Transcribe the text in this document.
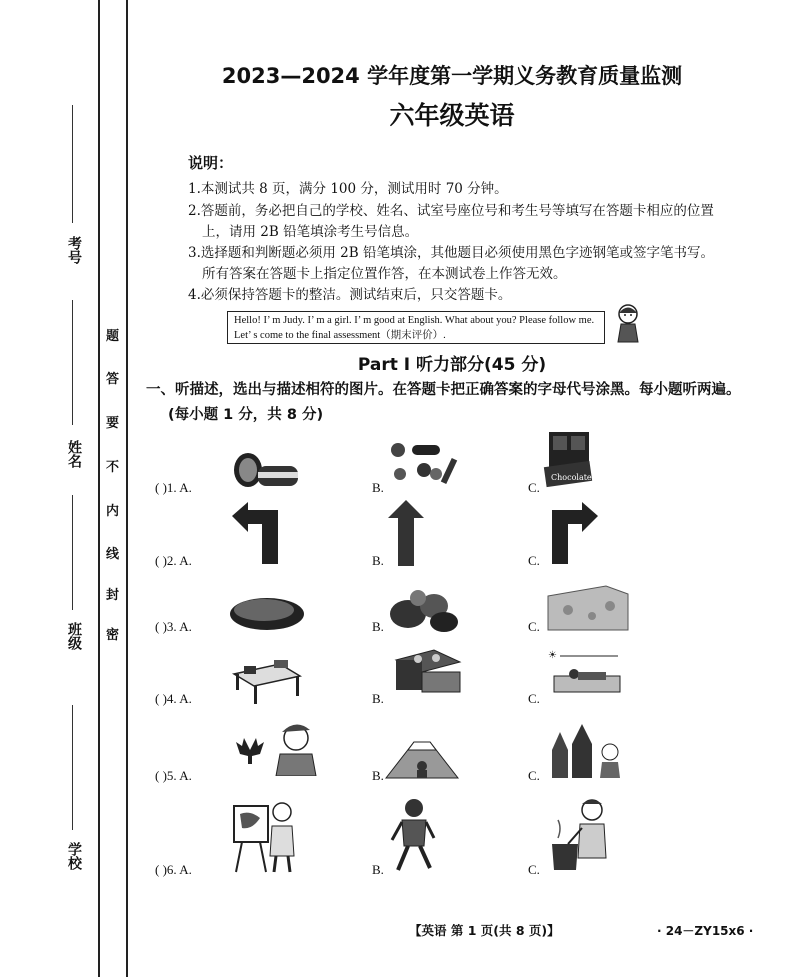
考号
姓名
班级
学校
密
封
线
内
不
要
答
题
2023—2024 学年度第一学期义务教育质量监测
六年级英语
说明：
1.本测试共 8 页，满分 100 分，测试用时 70 分钟。
2.答题前，务必把自己的学校、姓名、试室号座位号和考生号等填写在答题卡相应的位置
上，请用 2B 铅笔填涂考生号信息。
3.选择题和判断题必须用 2B 铅笔填涂，其他题目必须使用黑色字迹钢笔或签字笔书写。
所有答案在答题卡上指定位置作答，在本测试卷上作答无效。
4.必须保持答题卡的整洁。测试结束后，只交答题卡。
Hello! I’ m Judy. I’ m a girl. I’ m good at English. What about you? Please follow me.
Let’ s come to the final assessment（期末评价）.
Part Ⅰ 听力部分(45 分)
一、听描述，选出与描述相符的图片。在答题卡把正确答案的字母代号涂黑。每小题听两遍。
(每小题 1 分，共 8 分)
( )1. A.	B.	C.
Chocolate
( )2. A.	B.	C.
( )3. A.	B.	C.
( )4. A.	B.	C.
☀
( )5. A.	B.	C.
( )6. A.	B.	C.
【英语 第 1 页(共 8 页)】	· 24－ZY15x6 ·
